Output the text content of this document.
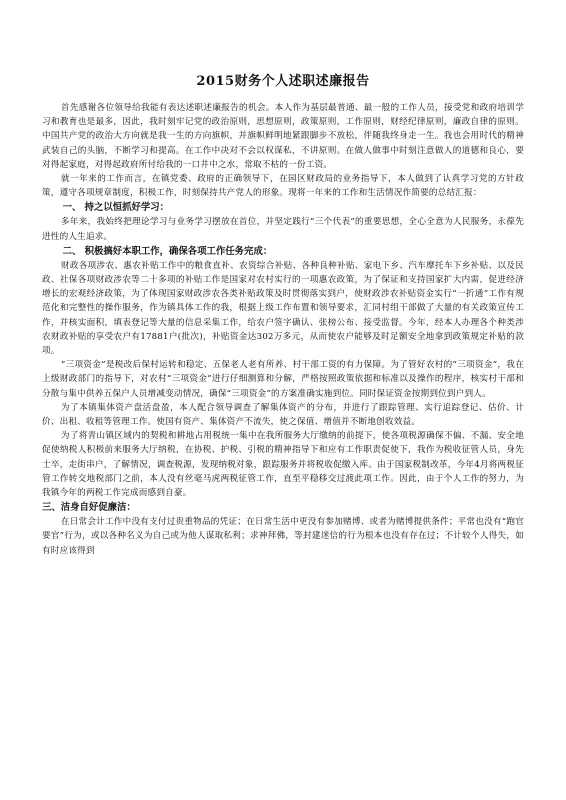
2015财务个人述职述廉报告

首先感谢各位领导给我能有表达述职述廉报告的机会。本人作为基层最普通、最一般的工作人员，接受党和政府培训学习和教育也是最多，因此，我时刻牢记党的政治原则，思想原则，政策原则，工作原则，财经纪律原则，廉政自律的原则。中国共产党的政治大方向就是我一生的方向旗帜，并旗帜鲜明地紧跟脚步不放松，伴随我终身走一生。我也会用时代的精神武装自己的头脑，不断学习和提高。在工作中决对不会以权谋私，不讲原则。在做人做事中时刻注意做人的道德和良心，要对得起家庭，对得起政府所付给我的一口井中之水，常取不枯的一份工资。

就一年来的工作而言，在镇党委、政府的正确领导下，在园区财政局的业务指导下，本人做到了认真学习党的方针政策，遵守各项规章制度，积极工作，时刻保持共产党人的形象。现将一年来的工作和生活情况作简要的总结汇报：

一、 持之以恒抓好学习：

多年来，我始终把理论学习与业务学习摆放在首位，并坚定践行“三个代表”的重要思想，全心全意为人民服务，永葆先进性的人生追求。

二、 积极搞好本职工作，确保各项工作任务完成：

财政各项涉农、惠农补贴工作中的粮食直补、农资综合补贴、各种良种补贴、家电下乡、汽车摩托车下乡补贴、以及民政、社保各项财政涉农等二十多项的补贴工作是国家对农村实行的一项惠农政策，为了保证和支持国家扩大内需，促进经济增长的宏观经济政策，为了体现国家财政涉农各类补贴政策及时贯彻落实到户，使财政涉农补贴资金实行“一折通”工作有规范化和完整性的操作服务，作为镇具体工作的我，根据上级工作布置和领导要求，汇同村组干部做了大量的有关政策宣传工作，并核实面积，填表登记等大量的信息采集工作，给农户签字确认、张榜公布、接受监督。今年，经本人办理各个种类涉农财政补贴的享受农户有17881户(批次)，补贴资金达302万多元，从而使农户能够及时足额安全地拿到政策规定补贴的款项。

“三项资金”是税改后保村运转和稳定、五保老人老有所养、村干部工资的有力保障。为了管好农村的“三项资金”，我在上级财政部门的指导下，对农村“三项资金”进行仔细测算和分解，严格按照政策依据和标准以及操作的程序，核实村干部和分散与集中供养五保户人员增减变动情况，确保“三项资金”的方案准确实施到位。同时保证资金按期到位到户到人。

为了本镇集体资产盘活盘盈，本人配合领导调查了解集体资产的分布，并进行了跟踪管理、实行追踪登记、估价、计价、出租、收租等管理工作。使国有资产、集体资产不流失，使之保值、增值并不断地创收效益。

为了将青山镇区域内的契税和耕地占用税统一集中在我所服务大厅缴纳的前提下，使各项税源确保不偏、不漏、安全地促使纳税人积极前来服务大厅纳税，在协税、护税、引税的精神指导下和应有工作职责促使下，我作为税收征管人员，身先士卒，走街串户，了解情况，调查税源，发现纳税对象，跟踪服务并将税收促缴入库。由于国家税制改革，今年4月将两税征管工作转交地税部门之前，本人没有丝毫马虎两税征管工作，直至平稳移交过渡此项工作。因此，由于个人工作的努力，为我镇今年的两税工作完成而感到自豪。

三、洁身自好促廉洁：

在日常会计工作中没有支付过贵重物品的凭证；在日常生活中更没有参加赌博、或者为赌博提供条件；平常也没有“跑官要官”行为，或以各种名义为自己或为他人谋取私利；求神拜佛，等封建迷信的行为根本也没有存在过；不计较个人得失，如有时应该得到
